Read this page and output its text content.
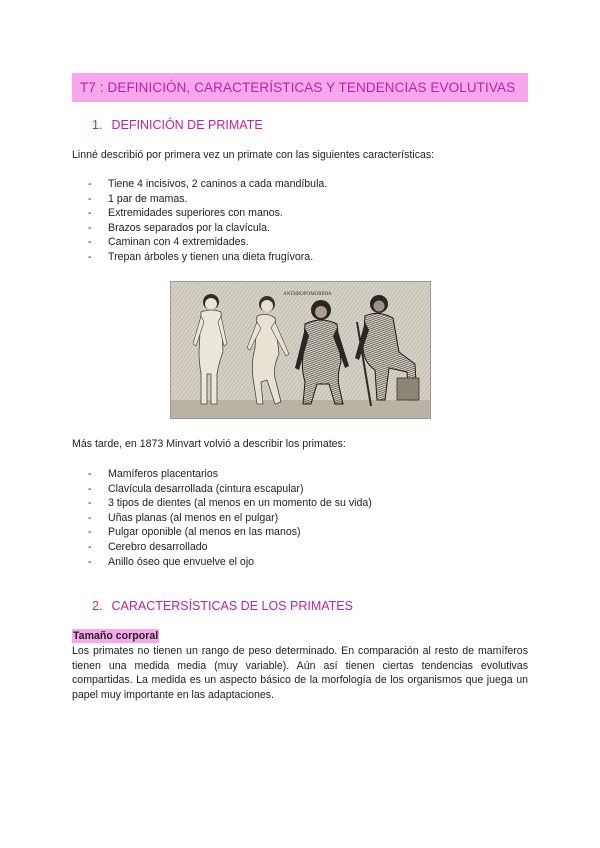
T7 : DEFINICIÓN, CARACTERÍSTICAS Y TENDENCIAS EVOLUTIVAS
1. DEFINICIÓN DE PRIMATE
Linné describió por primera vez un primate con las siguientes características:
- Tiene 4 incisivos, 2 caninos a cada mandíbula.
- 1 par de mamas.
- Extremidades superiores con manos.
- Brazos separados por la clavícula.
- Caminan con 4 extremidades.
- Trepan árboles y tienen una dieta frugívora.
ANTHROPOMORPHA
Más tarde, en 1873 Minvart volvió a describir los primates:
- Mamíferos placentarios
- Clavícula desarrollada (cintura escapular)
- 3 tipos de dientes (al menos en un momento de su vida)
- Uñas planas (al menos en el pulgar)
- Pulgar oponible (al menos en las manos)
- Cerebro desarrollado
- Anillo óseo que envuelve el ojo
2. CARACTERSÍSTICAS DE LOS PRIMATES
Tamaño corporal
Los primates no tienen un rango de peso determinado. En comparación al resto de mamíferos tienen una medida media (muy variable). Aún así tienen ciertas tendencias evolutivas compartidas. La medida es un aspecto básico de la morfología de los organismos que juega un papel muy importante en las adaptaciones.
